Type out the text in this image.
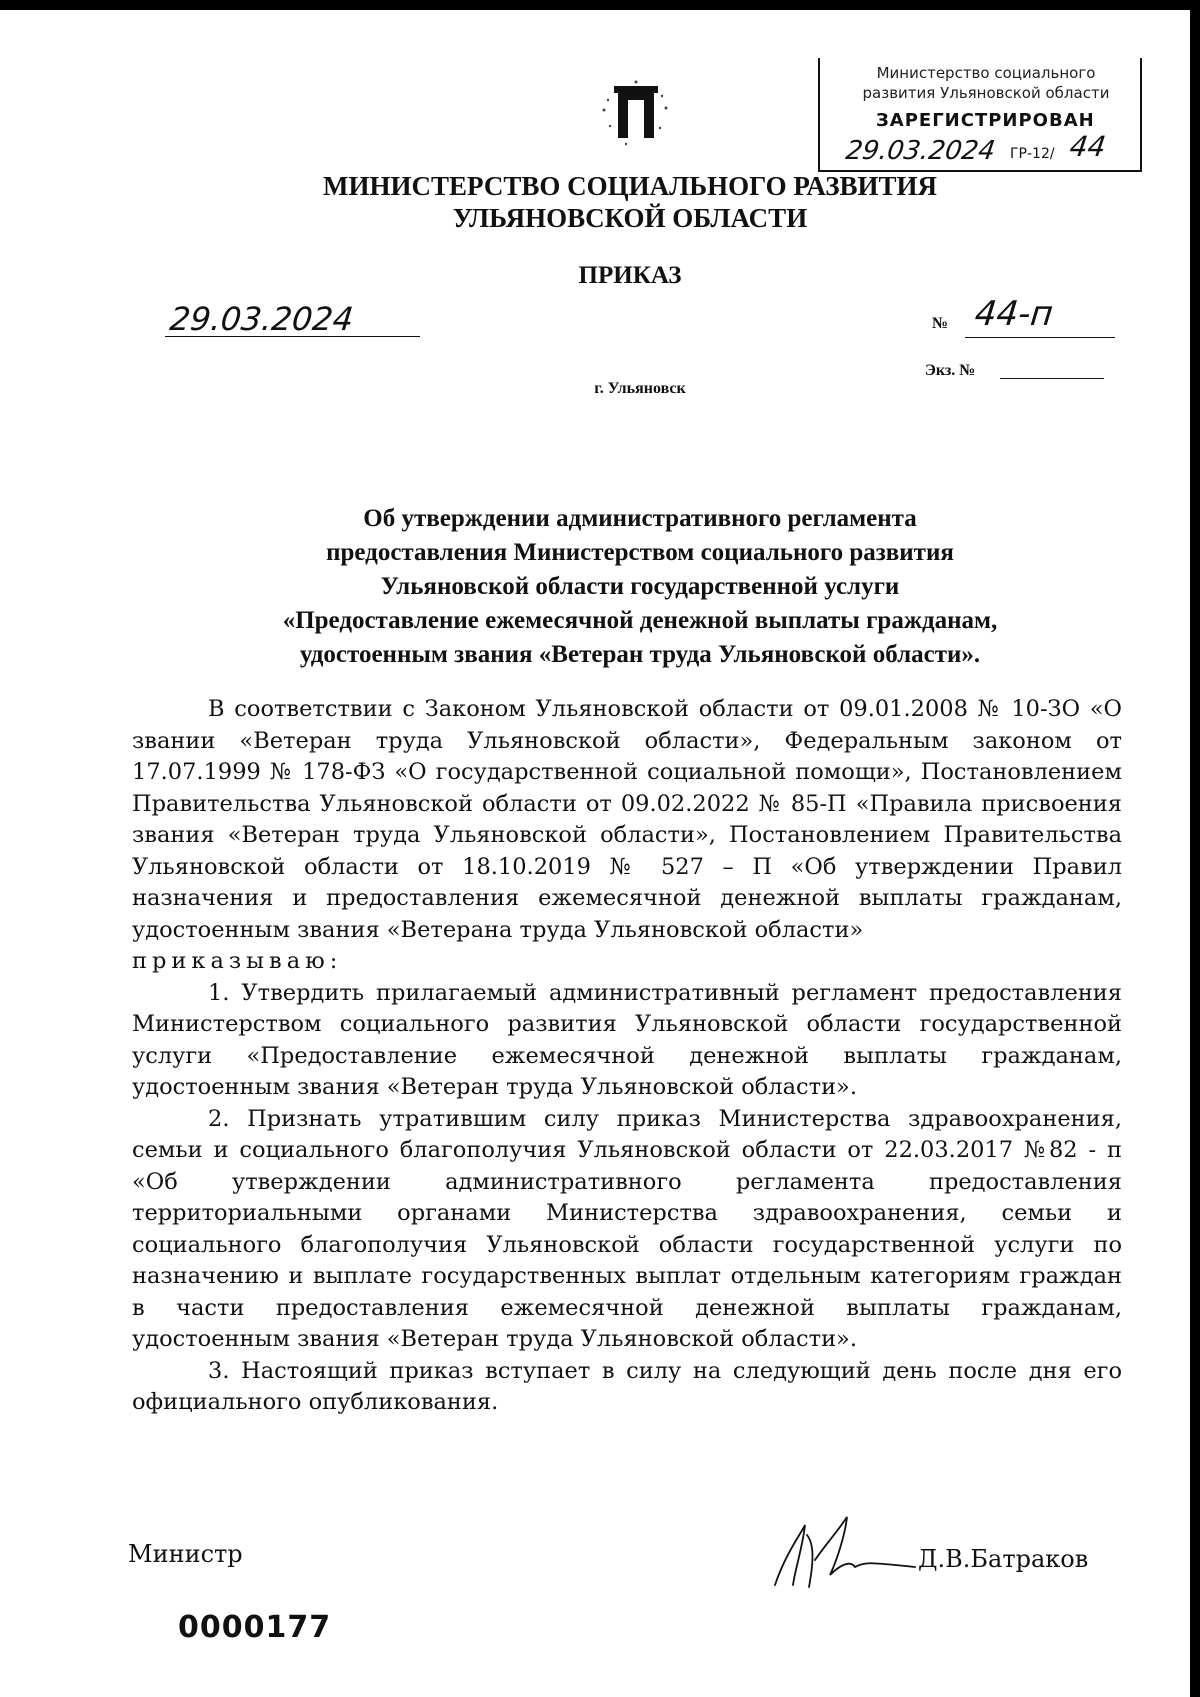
Министерство социального
развития Ульяновской области
ЗАРЕГИСТРИРОВАН
29.03.2024 ГР-12/ 44
МИНИСТЕРСТВО СОЦИАЛЬНОГО РАЗВИТИЯ
УЛЬЯНОВСКОЙ ОБЛАСТИ
ПРИКАЗ
29.03.2024	№ 44-п
Экз. №
г. Ульяновск
Об утверждении административного регламента
предоставления Министерством социального развития
Ульяновской области государственной услуги
«Предоставление ежемесячной денежной выплаты гражданам,
удостоенным звания «Ветеран труда Ульяновской области».

В соответствии с Законом Ульяновской области от 09.01.2008 № 10-ЗО «О звании «Ветеран труда Ульяновской области», Федеральным законом от 17.07.1999 № 178-ФЗ «О государственной социальной помощи», Постановлением Правительства Ульяновской области от 09.02.2022 № 85-П «Правила присвоения звания «Ветеран труда Ульяновской области», Постановлением Правительства Ульяновской области от 18.10.2019 № 527 – П «Об утверждении Правил назначения и предоставления ежемесячной денежной выплаты гражданам, удостоенным звания «Ветерана труда Ульяновской области»

приказываю:

1. Утвердить прилагаемый административный регламент предоставления Министерством социального развития Ульяновской области государственной услуги «Предоставление ежемесячной денежной выплаты гражданам, удостоенным звания «Ветеран труда Ульяновской области».

2. Признать утратившим силу приказ Министерства здравоохранения, семьи и социального благополучия Ульяновской области от 22.03.2017 №82 - п «Об утверждении административного регламента предоставления территориальными органами Министерства здравоохранения, семьи и социального благополучия Ульяновской области государственной услуги по назначению и выплате государственных выплат отдельным категориям граждан в части предоставления ежемесячной денежной выплаты гражданам, удостоенным звания «Ветеран труда Ульяновской области».

3. Настоящий приказ вступает в силу на следующий день после дня его официального опубликования.

Министр	Д.В.Батраков
0000177
